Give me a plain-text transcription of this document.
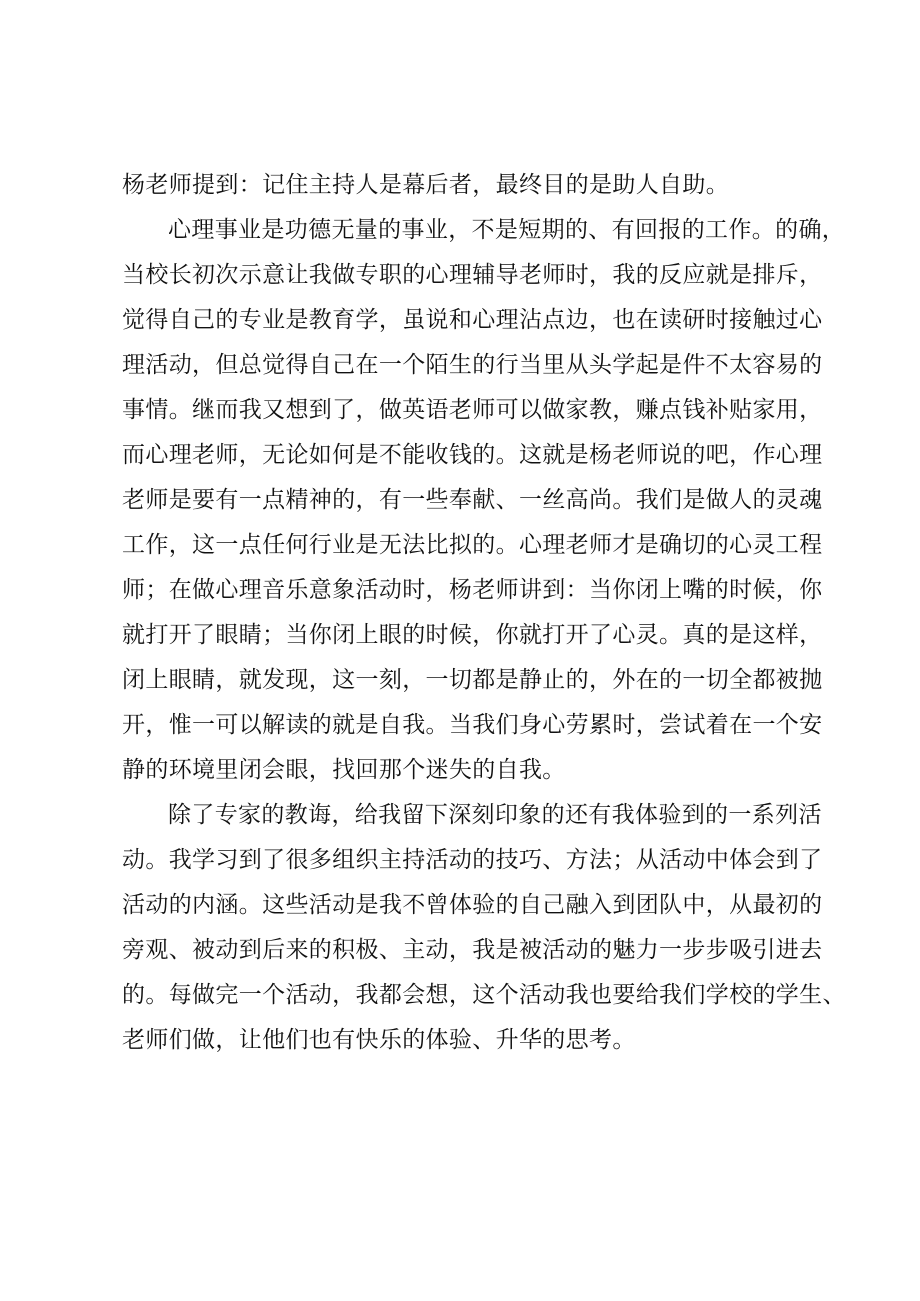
杨老师提到：记住主持人是幕后者，最终目的是助人自助。
心理事业是功德无量的事业，不是短期的、有回报的工作。的确，
当校长初次示意让我做专职的心理辅导老师时，我的反应就是排斥，
觉得自己的专业是教育学，虽说和心理沾点边，也在读研时接触过心
理活动，但总觉得自己在一个陌生的行当里从头学起是件不太容易的
事情。继而我又想到了，做英语老师可以做家教，赚点钱补贴家用，
而心理老师，无论如何是不能收钱的。这就是杨老师说的吧，作心理
老师是要有一点精神的，有一些奉献、一丝高尚。我们是做人的灵魂
工作，这一点任何行业是无法比拟的。心理老师才是确切的心灵工程
师；在做心理音乐意象活动时，杨老师讲到：当你闭上嘴的时候，你
就打开了眼睛；当你闭上眼的时候，你就打开了心灵。真的是这样，
闭上眼睛，就发现，这一刻，一切都是静止的，外在的一切全都被抛
开，惟一可以解读的就是自我。当我们身心劳累时，尝试着在一个安
静的环境里闭会眼，找回那个迷失的自我。
除了专家的教诲，给我留下深刻印象的还有我体验到的一系列活
动。我学习到了很多组织主持活动的技巧、方法；从活动中体会到了
活动的内涵。这些活动是我不曾体验的自己融入到团队中，从最初的
旁观、被动到后来的积极、主动，我是被活动的魅力一步步吸引进去
的。每做完一个活动，我都会想，这个活动我也要给我们学校的学生、
老师们做，让他们也有快乐的体验、升华的思考。
